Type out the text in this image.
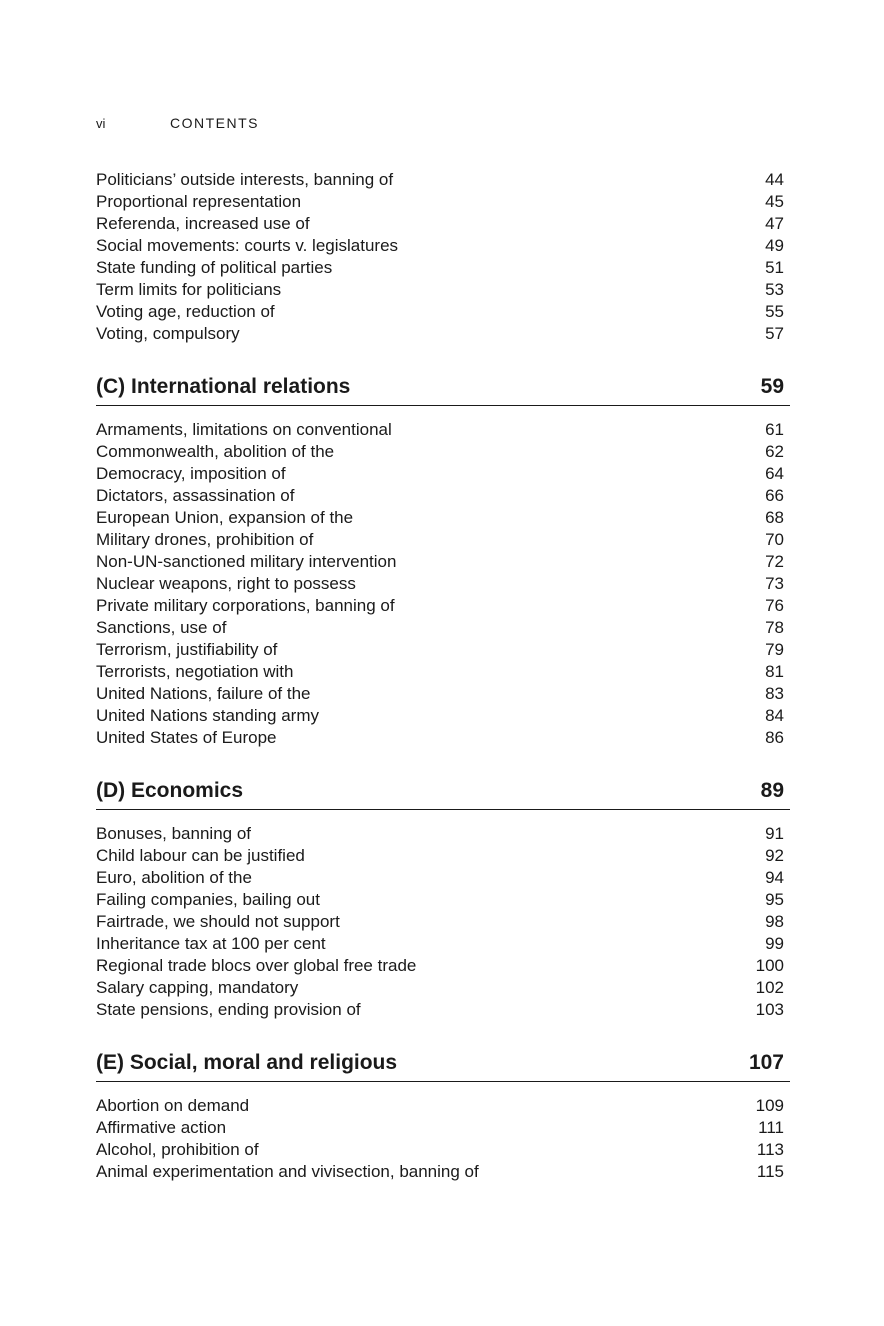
vi	CONTENTS
Politicians’ outside interests, banning of	44
Proportional representation	45
Referenda, increased use of	47
Social movements: courts v. legislatures	49
State funding of political parties	51
Term limits for politicians	53
Voting age, reduction of	55
Voting, compulsory	57
(C) International relations	59
Armaments, limitations on conventional	61
Commonwealth, abolition of the	62
Democracy, imposition of	64
Dictators, assassination of	66
European Union, expansion of the	68
Military drones, prohibition of	70
Non-UN-sanctioned military intervention	72
Nuclear weapons, right to possess	73
Private military corporations, banning of	76
Sanctions, use of	78
Terrorism, justifiability of	79
Terrorists, negotiation with	81
United Nations, failure of the	83
United Nations standing army	84
United States of Europe	86
(D) Economics	89
Bonuses, banning of	91
Child labour can be justified	92
Euro, abolition of the	94
Failing companies, bailing out	95
Fairtrade, we should not support	98
Inheritance tax at 100 per cent	99
Regional trade blocs over global free trade	100
Salary capping, mandatory	102
State pensions, ending provision of	103
(E) Social, moral and religious	107
Abortion on demand	109
Affirmative action	111
Alcohol, prohibition of	113
Animal experimentation and vivisection, banning of	115
